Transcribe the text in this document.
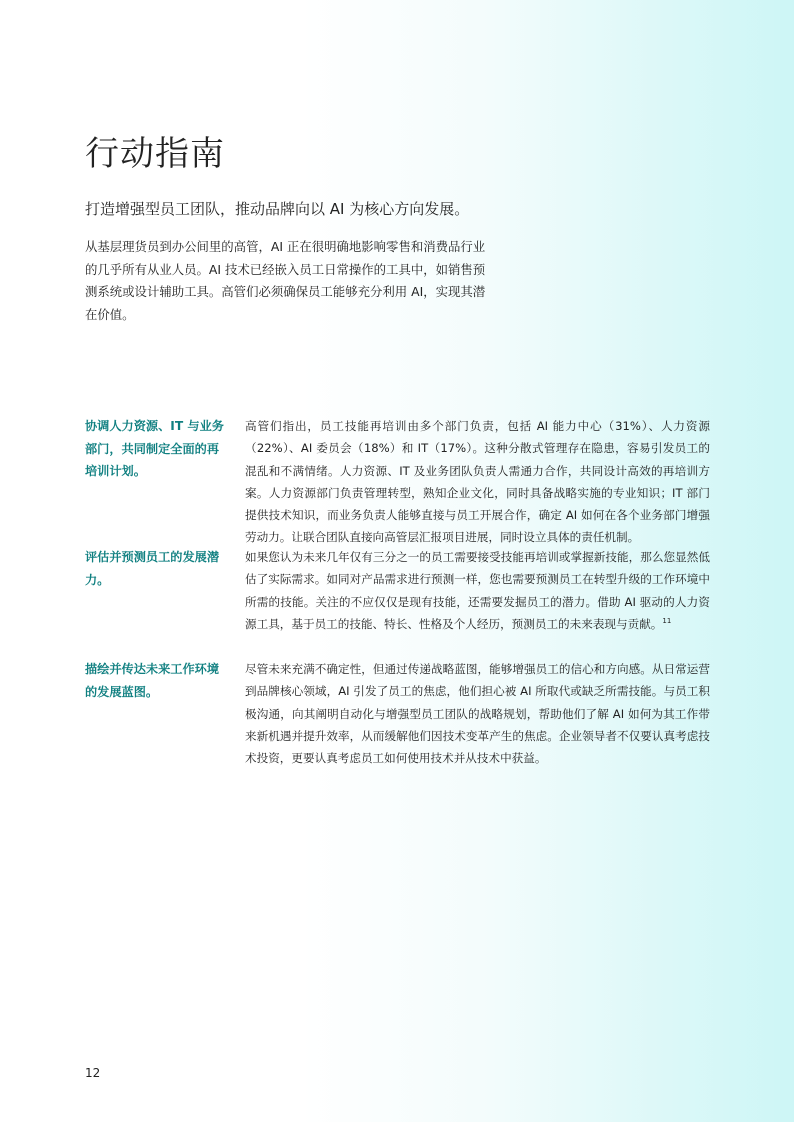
行动指南

打造增强型员工团队，推动品牌向以 AI 为核心方向发展。

从基层理货员到办公间里的高管，AI 正在很明确地影响零售和消费品行业的几乎所有从业人员。AI 技术已经嵌入员工日常操作的工具中，如销售预测系统或设计辅助工具。高管们必须确保员工能够充分利用 AI，实现其潜在价值。

协调人力资源、IT 与业务部门，共同制定全面的再培训计划。

高管们指出，员工技能再培训由多个部门负责，包括 AI 能力中心（31%）、人力资源（22%）、AI 委员会（18%）和 IT（17%）。这种分散式管理存在隐患，容易引发员工的混乱和不满情绪。人力资源、IT 及业务团队负责人需通力合作，共同设计高效的再培训方案。人力资源部门负责管理转型，熟知企业文化，同时具备战略实施的专业知识；IT 部门提供技术知识，而业务负责人能够直接与员工开展合作，确定 AI 如何在各个业务部门增强劳动力。让联合团队直接向高管层汇报项目进展，同时设立具体的责任机制。

评估并预测员工的发展潜力。

如果您认为未来几年仅有三分之一的员工需要接受技能再培训或掌握新技能，那么您显然低估了实际需求。如同对产品需求进行预测一样，您也需要预测员工在转型升级的工作环境中所需的技能。关注的不应仅仅是现有技能，还需要发掘员工的潜力。借助 AI 驱动的人力资源工具，基于员工的技能、特长、性格及个人经历，预测员工的未来表现与贡献。$^{11}$

描绘并传达未来工作环境的发展蓝图。

尽管未来充满不确定性，但通过传递战略蓝图，能够增强员工的信心和方向感。从日常运营到品牌核心领域，AI 引发了员工的焦虑，他们担心被 AI 所取代或缺乏所需技能。与员工积极沟通，向其阐明自动化与增强型员工团队的战略规划，帮助他们了解 AI 如何为其工作带来新机遇并提升效率，从而缓解他们因技术变革产生的焦虑。企业领导者不仅要认真考虑技术投资，更要认真考虑员工如何使用技术并从技术中获益。

12
